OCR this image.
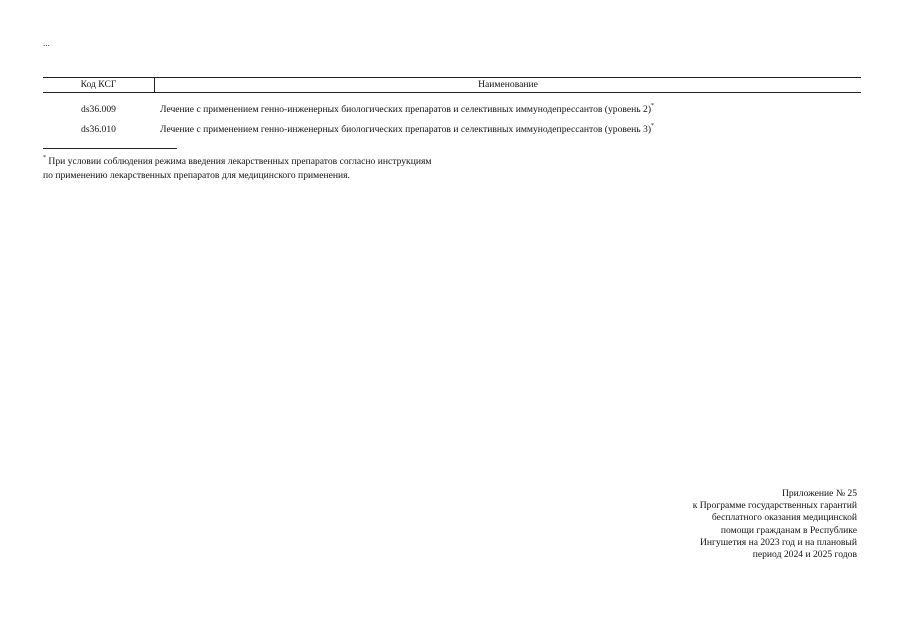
...
Код КСГ	Наименование
ds36.009	Лечение с применением генно-инженерных биологических препаратов и селективных иммунодепрессантов (уровень 2)*
ds36.010	Лечение с применением генно-инженерных биологических препаратов и селективных иммунодепрессантов (уровень 3)*
* При условии соблюдения режима введения лекарственных препаратов согласно инструкциям
по применению лекарственных препаратов для медицинского применения.
Приложение № 25
к Программе государственных гарантий
бесплатного оказания медицинской
помощи гражданам в Республике
Ингушетия на 2023 год и на плановый
период 2024 и 2025 годов
